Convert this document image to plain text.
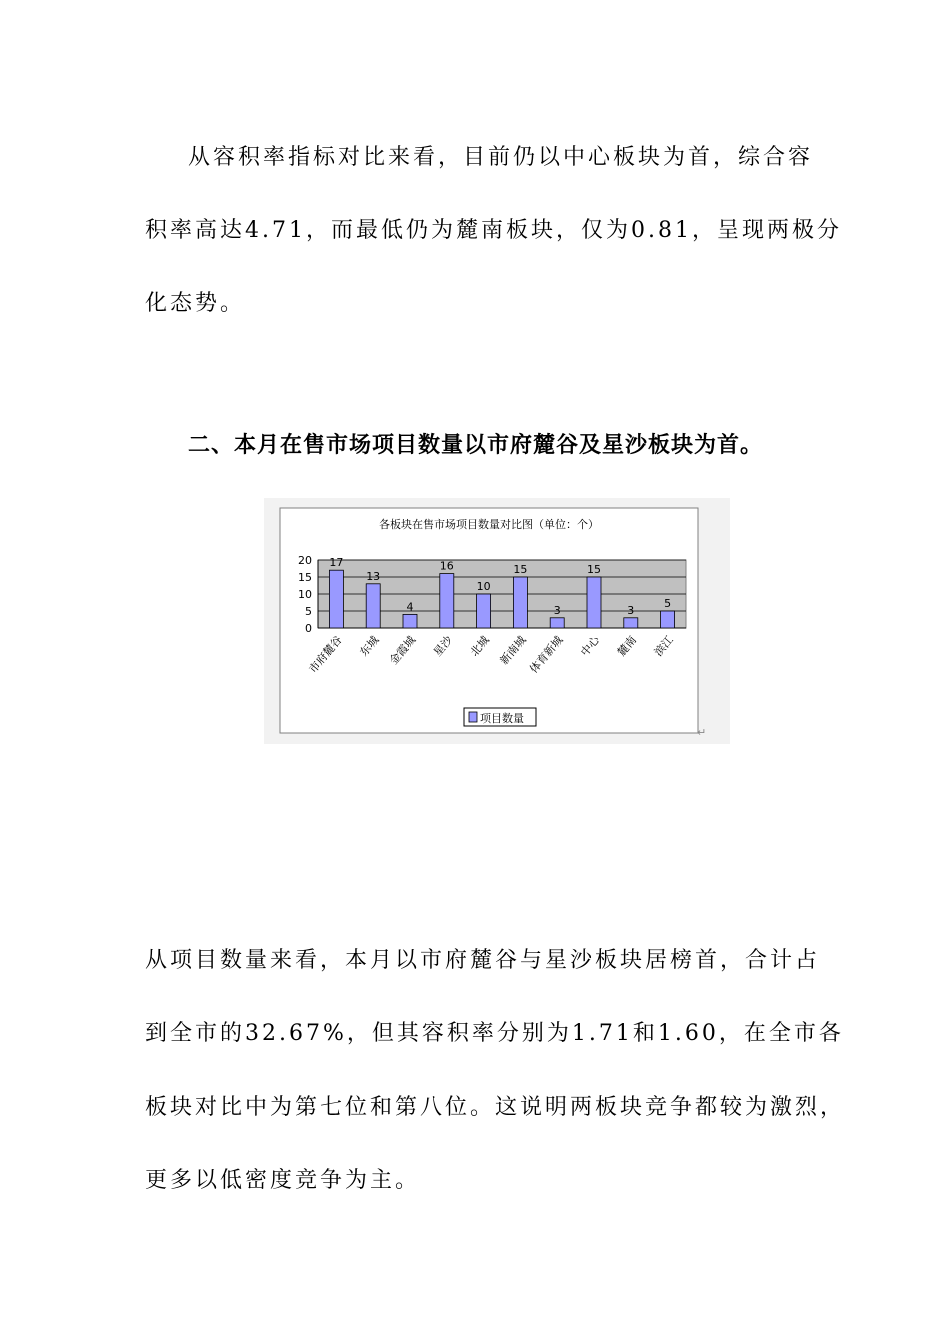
从容积率指标对比来看，目前仍以中心板块为首，综合容
积率高达4.71，而最低仍为麓南板块，仅为0.81，呈现两极分
化态势。
二、本月在售市场项目数量以市府麓谷及星沙板块为首。
各板块在售市场项目数量对比图（单位：个）
0
5
10
15
20 17
市府麓谷
13
东城
4
金霞城
16
星沙
10
北城
15
新南城
3
体育新城
15
中心
3
麓南
5
滨江
项目数量
↵
从项目数量来看，本月以市府麓谷与星沙板块居榜首，合计占
到全市的32.67%，但其容积率分别为1.71和1.60，在全市各
板块对比中为第七位和第八位。这说明两板块竞争都较为激烈，
更多以低密度竞争为主。
